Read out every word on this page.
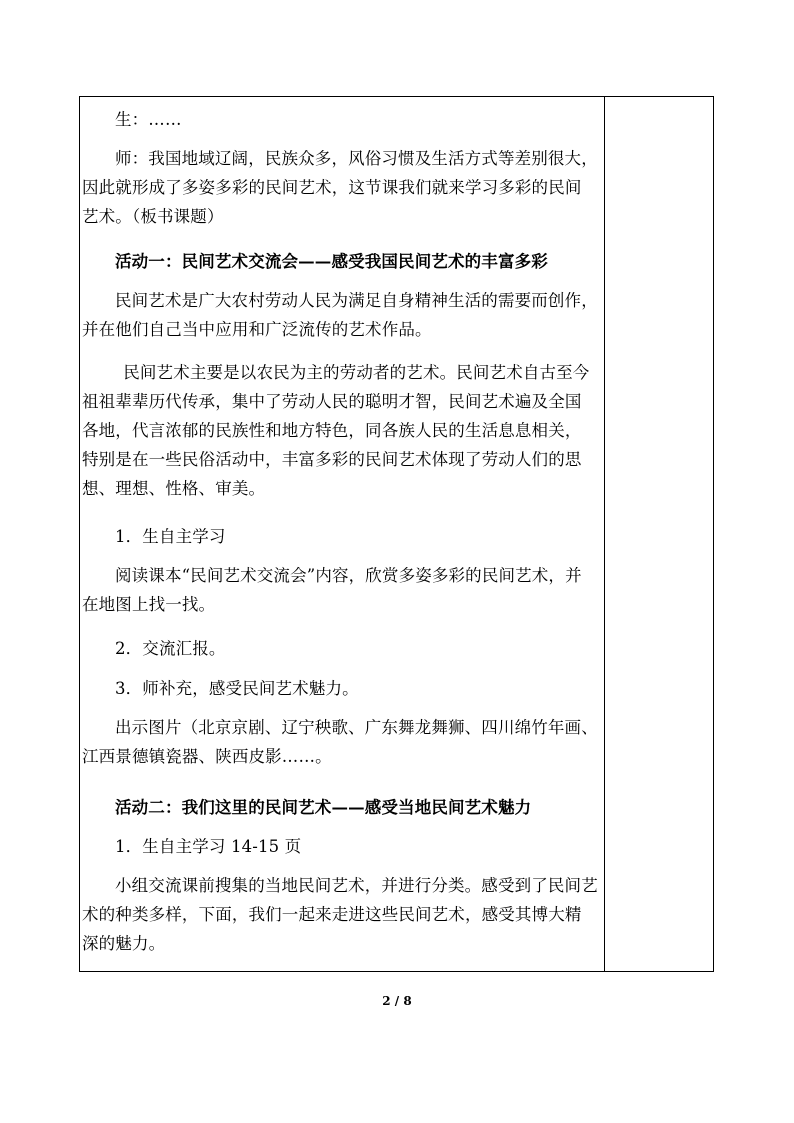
生：……

师：我国地域辽阔，民族众多，风俗习惯及生活方式等差别很大，因此就形成了多姿多彩的民间艺术，这节课我们就来学习多彩的民间艺术。（板书课题）

活动一：民间艺术交流会——感受我国民间艺术的丰富多彩

民间艺术是广大农村劳动人民为满足自身精神生活的需要而创作，并在他们自己当中应用和广泛流传的艺术作品。

民间艺术主要是以农民为主的劳动者的艺术。民间艺术自古至今祖祖辈辈历代传承，集中了劳动人民的聪明才智，民间艺术遍及全国各地，代言浓郁的民族性和地方特色，同各族人民的生活息息相关，特别是在一些民俗活动中，丰富多彩的民间艺术体现了劳动人们的思想、理想、性格、审美。

1．生自主学习

阅读课本“民间艺术交流会”内容，欣赏多姿多彩的民间艺术，并在地图上找一找。

2．交流汇报。

3．师补充，感受民间艺术魅力。

出示图片（北京京剧、辽宁秧歌、广东舞龙舞狮、四川绵竹年画、江西景德镇瓷器、陕西皮影……。

活动二：我们这里的民间艺术——感受当地民间艺术魅力

1．生自主学习 14-15 页

小组交流课前搜集的当地民间艺术，并进行分类。感受到了民间艺术的种类多样，下面，我们一起来走进这些民间艺术，感受其博大精深的魅力。

2 / 8
